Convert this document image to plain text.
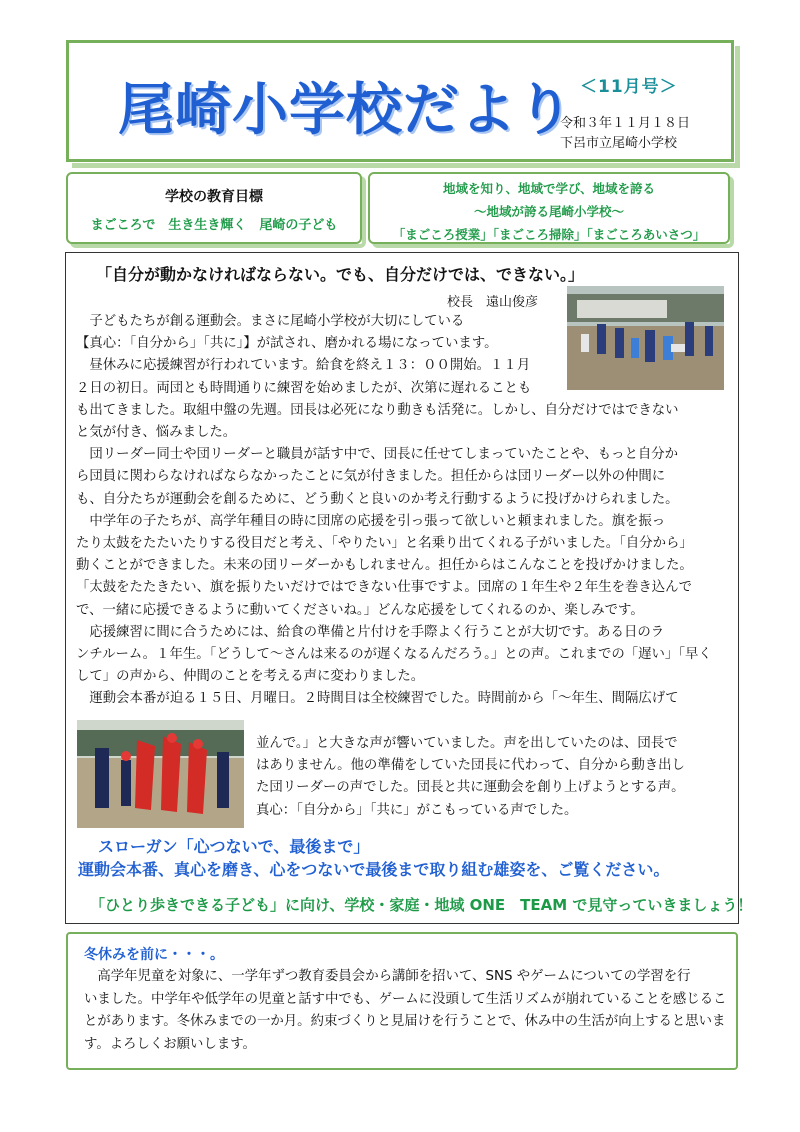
尾崎小学校だより ＜11月号＞
令和３年１１月１８日
下呂市立尾崎小学校
学校の教育目標
まごころで　生き生き輝く　尾崎の子ども
地域を知り、地域で学び、地域を誇る
～地域が誇る尾崎小学校～
「まごころ授業」「まごころ掃除」「まごころあいさつ」
「自分が動かなければならない。でも、自分だけでは、できない。」
校長　遠山俊彦

　子どもたちが創る運動会。まさに尾崎小学校が大切にしている

【真心：「自分から」「共に」】が試され、磨かれる場になっています。

　昼休みに応援練習が行われています。給食を終え１３：００開始。１１月

２日の初日。両団とも時間通りに練習を始めましたが、次第に遅れることも

も出てきました。取組中盤の先週。団長は必死になり動きも活発に。しかし、自分だけではできない

と気が付き、悩みました。

　団リーダー同士や団リーダーと職員が話す中で、団長に任せてしまっていたことや、もっと自分か

ら団員に関わらなければならなかったことに気が付きました。担任からは団リーダー以外の仲間に

も、自分たちが運動会を創るために、どう動くと良いのか考え行動するように投げかけられました。

　中学年の子たちが、高学年種目の時に団席の応援を引っ張って欲しいと頼まれました。旗を振っ

たり太鼓をたたいたりする役目だと考え、「やりたい」と名乗り出てくれる子がいました。「自分から」

動くことができました。未来の団リーダーかもしれません。担任からはこんなことを投げかけました。

「太鼓をたたきたい、旗を振りたいだけではできない仕事ですよ。団席の１年生や２年生を巻き込んで

で、一緒に応援できるように動いてくださいね。」どんな応援をしてくれるのか、楽しみです。

　応援練習に間に合うためには、給食の準備と片付けを手際よく行うことが大切です。ある日のラ

ンチルーム。１年生。「どうして～さんは来るのが遅くなるんだろう。」との声。これまでの「遅い」「早く

して」の声から、仲間のことを考える声に変わりました。

　運動会本番が迫る１５日、月曜日。２時間目は全校練習でした。時間前から「～年生、間隔広げて

並んで。」と大きな声が響いていました。声を出していたのは、団長で

はありません。他の準備をしていた団長に代わって、自分から動き出し

た団リーダーの声でした。団長と共に運動会を創り上げようとする声。

真心：「自分から」「共に」がこもっている声でした。

スローガン「心つないで、最後まで」
運動会本番、真心を磨き、心をつないで最後まで取り組む雄姿を、ご覧ください。
「ひとり歩きできる子ども」に向け、学校・家庭・地域 ONE　TEAM で見守っていきましょう！
冬休みを前に・・・。

　高学年児童を対象に、一学年ずつ教育委員会から講師を招いて、SNS やゲームについての学習を行

いました。中学年や低学年の児童と話す中でも、ゲームに没頭して生活リズムが崩れていることを感じるこ

とがあります。冬休みまでの一か月。約束づくりと見届けを行うことで、休み中の生活が向上すると思いま

す。よろしくお願いします。
